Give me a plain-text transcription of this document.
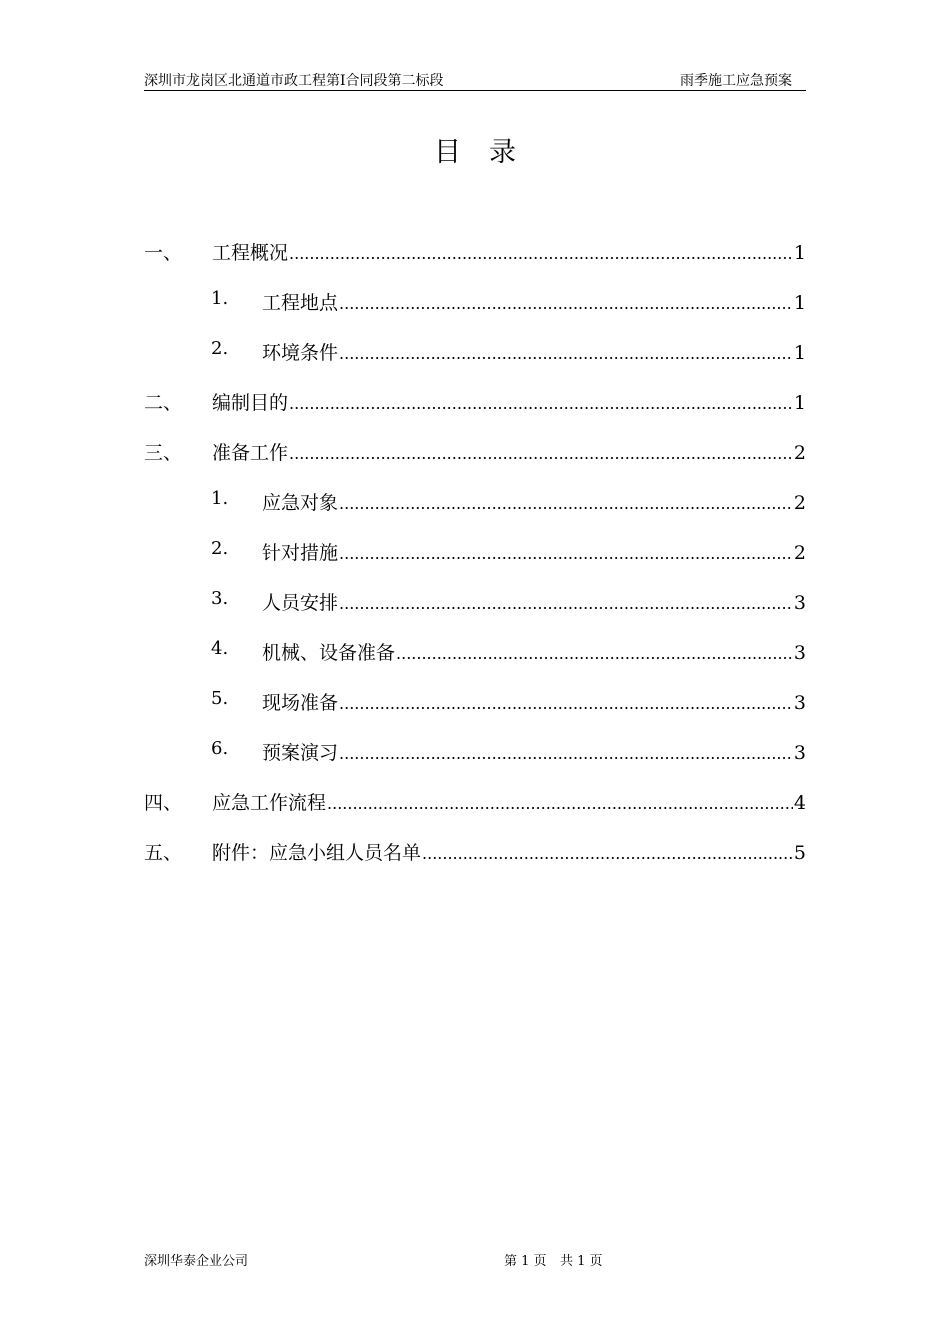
深圳市龙岗区北通道市政工程第Ⅰ合同段第二标段	雨季施工应急预案
目录
一、 工程概况 .....	1
1. 工程地点 .....	1
2. 环境条件 .....	1
二、 编制目的 .....	1
三、 准备工作 .....	2
1. 应急对象 .....	2
2. 针对措施 .....	2
3. 人员安排 .....	3
4. 机械、设备准备 .....	3
5. 现场准备 .....	3
6. 预案演习 .....	3
四、 应急工作流程 .....	4
五、 附件：应急小组人员名单 .....	5
深圳华泰企业公司	第 1 页 共 1 页
